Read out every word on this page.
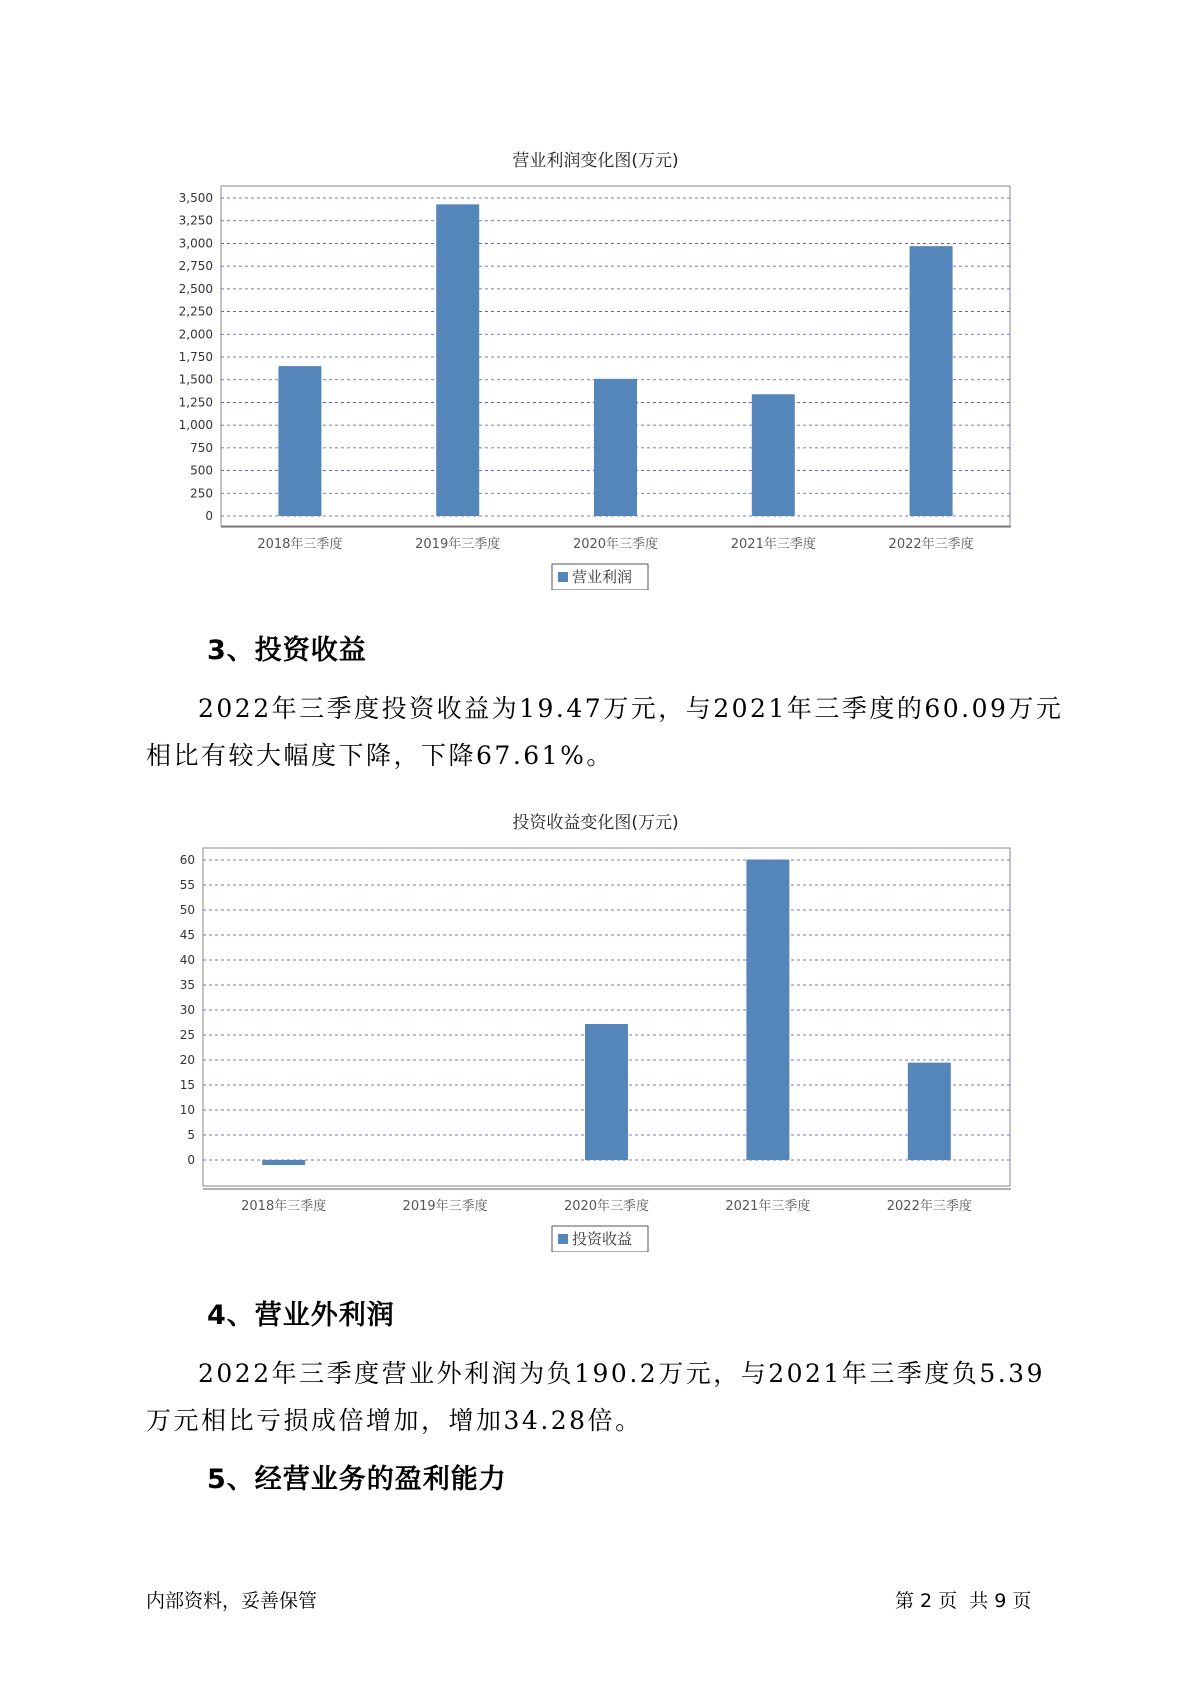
营业利润变化图(万元)
0
250
500
750
1,000
1,250
1,500
1,750
2,000
2,250
2,500
2,750
3,000
3,250
3,500
2018年三季度	2019年三季度	2020年三季度	2021年三季度	2022年三季度
营业利润
3、投资收益
2022年三季度投资收益为19.47万元，与2021年三季度的60.09万元相比有较大幅度下降，下降67.61%。
投资收益变化图(万元)
0
5
10
15
20
25
30
35
40
45
50
55
60
2018年三季度	2019年三季度	2020年三季度	2021年三季度	2022年三季度
投资收益
4、营业外利润
2022年三季度营业外利润为负190.2万元，与2021年三季度负5.39万元相比亏损成倍增加，增加34.28倍。
5、经营业务的盈利能力
内部资料，妥善保管	第 2 页  共 9 页
